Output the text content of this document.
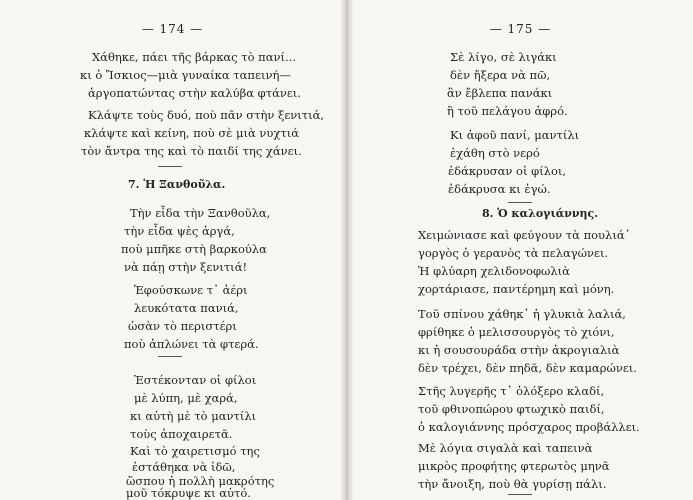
— 174 —
Χάθηκε, πάει τῆς βάρκας τὸ πανί...
κι ὁ Ἴσκιος—μιὰ γυναίκα ταπεινή—
ἀργοπατώντας στὴν καλύβα φτάνει.
Κλάψτε τοὺς δυό, ποὺ πᾶν στὴν ξενιτιά,
κλάψτε καὶ κείνη, ποὺ σὲ μιὰ νυχτιά
τὸν ἄντρα της καὶ τὸ παιδί της χάνει.
7. Ἡ Ξανθοῦλα.
Τὴν εἶδα τὴν Ξανθοῦλα,
τὴν εἶδα ψὲς ἀργά,
ποὺ μπῆκε στὴ βαρκούλα
νὰ πάῃ στὴν ξενιτιά!
Ἐφούσκωνε τ᾿ ἀέρι
λευκότατα πανιά,
ὡσὰν τὸ περιστέρι
ποὺ ἁπλώνει τὰ φτερά.
Ἐστέκονταν οἱ φίλοι
μὲ λύπη, μὲ χαρά,
κι αὐτὴ μὲ τὸ μαντίλι
τοὺς ἀποχαιρετᾶ.
— 175 —
Σὲ λίγο, σὲ λιγάκι
δὲν ἤξερα νὰ πῶ,
ἂν ἔβλεπα πανάκι
ἢ τοῦ πελάγου ἀφρό.
Κι ἀφοῦ πανί, μαντίλι
ἐχάθη στὸ νερό
ἐδάκρυσαν οἱ φίλοι,
ἐδάκρυσα κι ἐγώ.
8. Ὁ καλογιάννης.
Χειμώνιασε καὶ φεύγουν τὰ πουλιά᾿
γοργὸς ὁ γερανὸς τὰ πελαγώνει.
Ἡ φλύαρη χελιδονοφωλιὰ
χορτάριασε, παντέρημη καὶ μόνη.
Τοῦ σπίνου χάθηκ᾿ ἡ γλυκιὰ λαλιά,
φρίθηκε ὁ μελισσουργὸς τὸ χιόνι,
κι ἡ σουσουράδα στὴν ἀκρογιαλιὰ
δὲν τρέχει, δὲν πηδᾶ, δὲν καμαρώνει.
Στῆς λυγερῆς τ᾿ ὁλόξερο κλαδί,
τοῦ φθινοπώρου φτωχικὸ παιδί,
ὁ καλογιάννης πρόσχαρος προβάλλει.
Μὲ λόγια σιγαλὰ καὶ ταπεινὰ
μικρὸς προφήτης φτερωτὸς μηνᾶ
τὴν ἄνοιξη, ποὺ θὰ γυρίσῃ πάλι.
Καὶ τὸ χαιρετισμό της
ἐστάθηκα νὰ ἰδῶ,
ὥσπου ἡ πολλὴ μακρότης
μοῦ τόκρυψε κι αὐτό.
